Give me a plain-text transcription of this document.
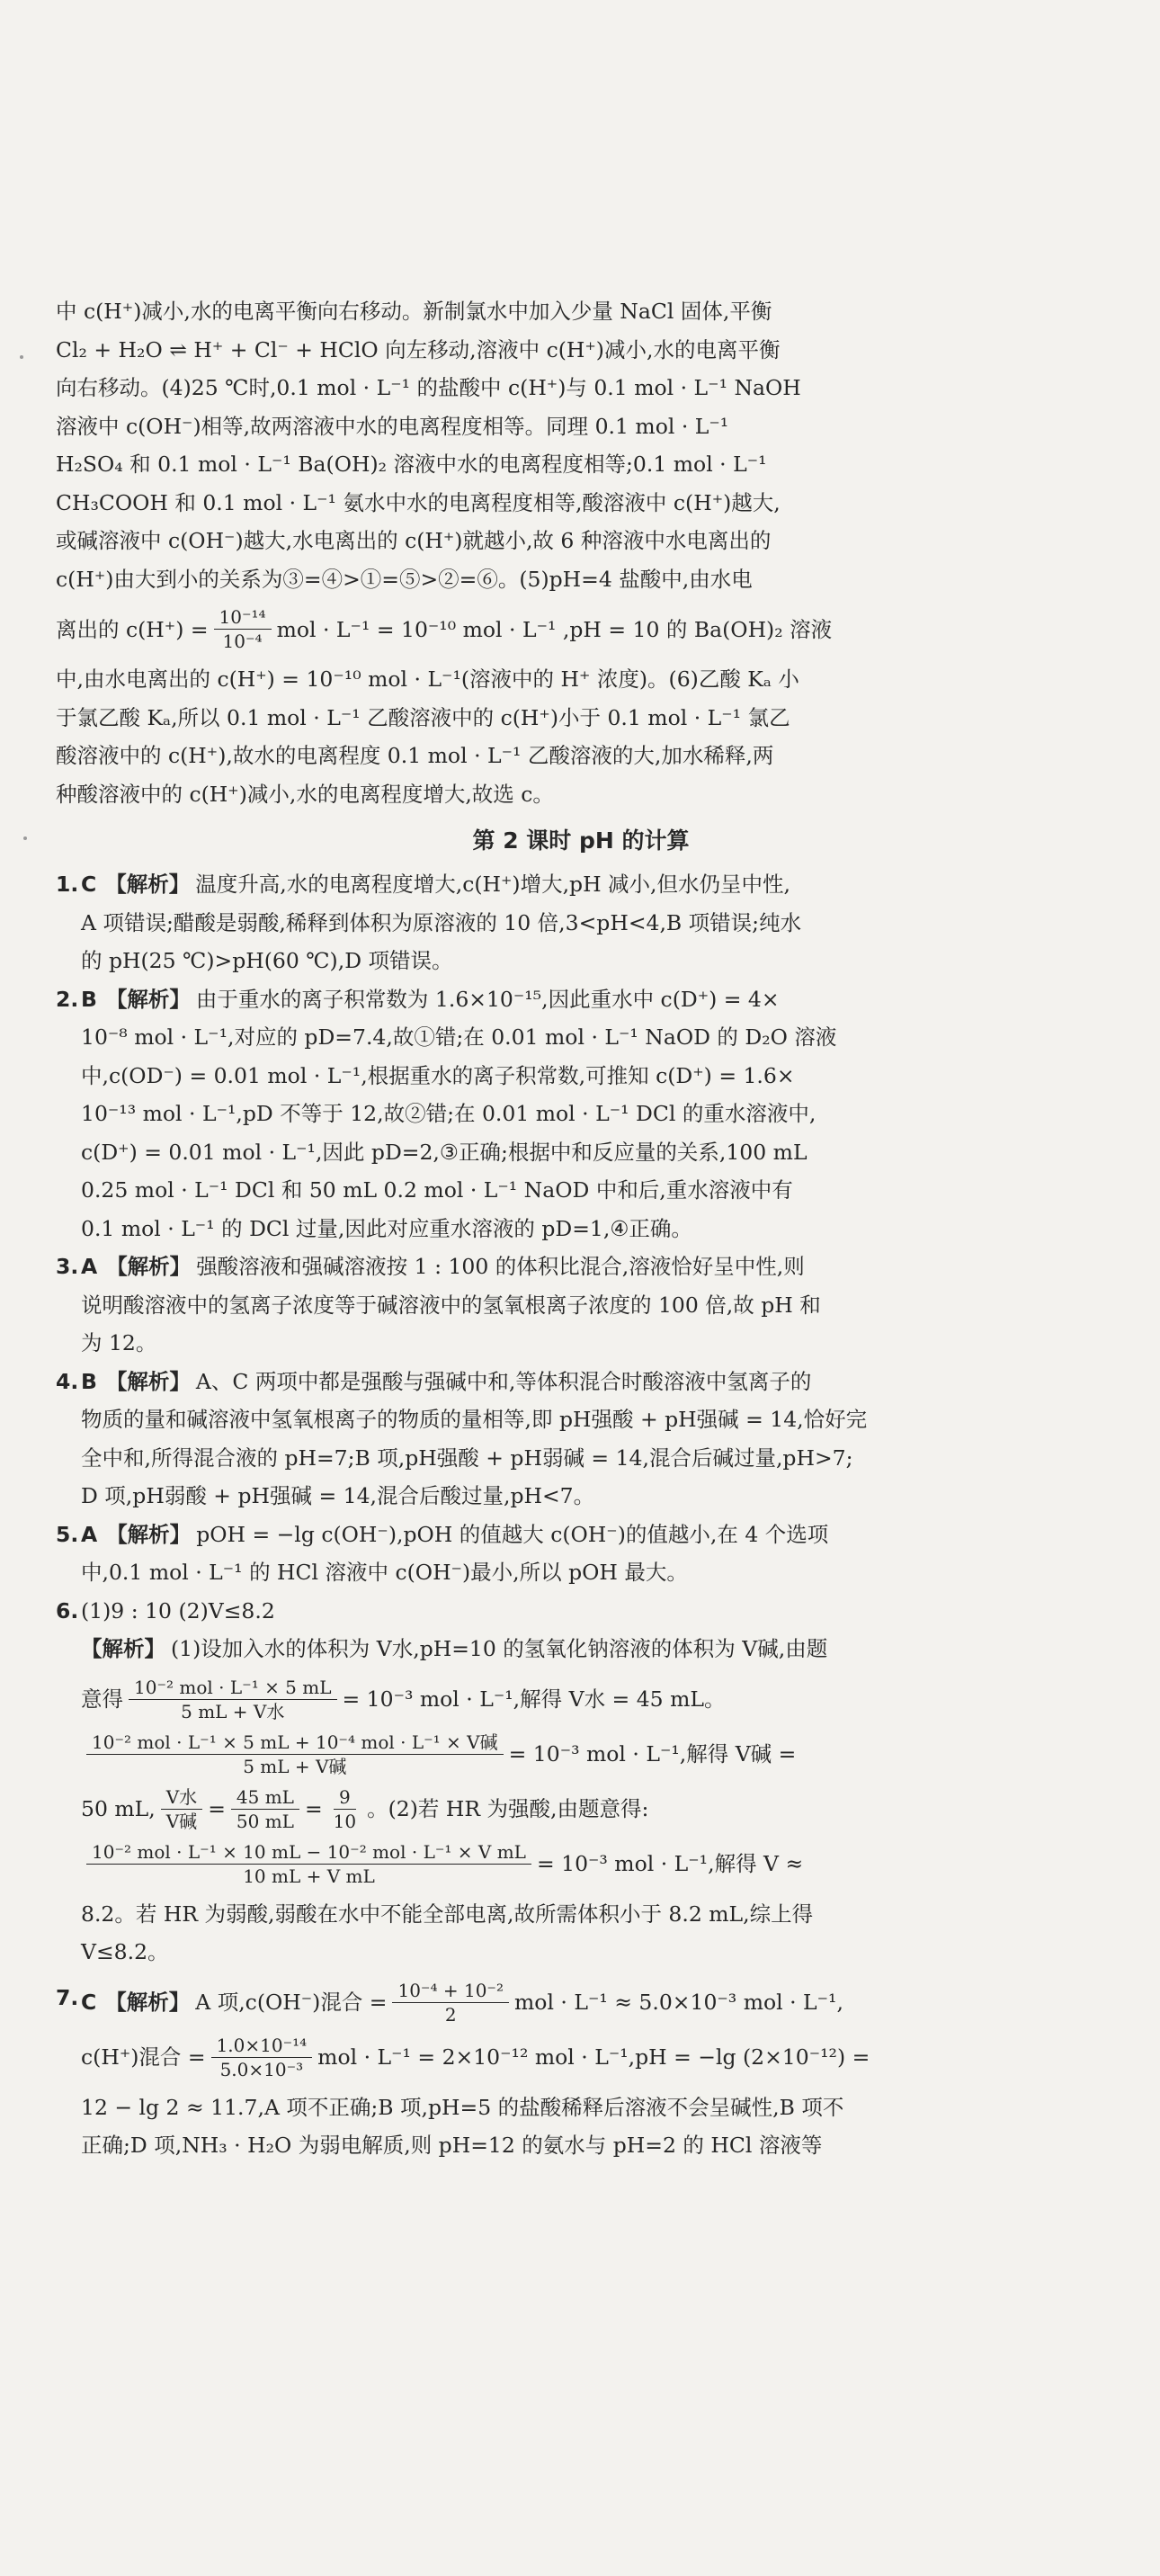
中 c(H⁺)减小,水的电离平衡向右移动。新制氯水中加入少量 NaCl 固体,平衡
Cl₂ + H₂O ⇌ H⁺ + Cl⁻ + HClO 向左移动,溶液中 c(H⁺)减小,水的电离平衡
向右移动。(4)25 ℃时,0.1 mol · L⁻¹ 的盐酸中 c(H⁺)与 0.1 mol · L⁻¹ NaOH
溶液中 c(OH⁻)相等,故两溶液中水的电离程度相等。同理 0.1 mol · L⁻¹
H₂SO₄ 和 0.1 mol · L⁻¹ Ba(OH)₂ 溶液中水的电离程度相等;0.1 mol · L⁻¹
CH₃COOH 和 0.1 mol · L⁻¹ 氨水中水的电离程度相等,酸溶液中 c(H⁺)越大,
或碱溶液中 c(OH⁻)越大,水电离出的 c(H⁺)就越小,故 6 种溶液中水电离出的
c(H⁺)由大到小的关系为③=④>①=⑤>②=⑥。(5)pH=4 盐酸中,由水电
离出的 $c(H^+) = \frac{\text{10⁻¹⁴}}{\text{10⁻⁴}}$ mol · L⁻¹ = 10⁻¹⁰ mol · L⁻¹ ,pH = 10 的 Ba(OH)₂ 溶液
中,由水电离出的 c(H⁺) = 10⁻¹⁰ mol · L⁻¹(溶液中的 H⁺ 浓度)。(6)乙酸 Kₐ 小
于氯乙酸 Kₐ,所以 0.1 mol · L⁻¹ 乙酸溶液中的 c(H⁺)小于 0.1 mol · L⁻¹ 氯乙
酸溶液中的 c(H⁺),故水的电离程度 0.1 mol · L⁻¹ 乙酸溶液的大,加水稀释,两
种酸溶液中的 c(H⁺)减小,水的电离程度增大,故选 c。
第 2 课时 pH 的计算
1. C 【解析】 温度升高,水的电离程度增大,c(H⁺)增大,pH 减小,但水仍呈中性,
A 项错误;醋酸是弱酸,稀释到体积为原溶液的 10 倍,3<pH<4,B 项错误;纯水
的 pH(25 ℃)>pH(60 ℃),D 项错误。
2. B 【解析】 由于重水的离子积常数为 1.6×10⁻¹⁵,因此重水中 c(D⁺) = 4×
10⁻⁸ mol · L⁻¹,对应的 pD=7.4,故①错;在 0.01 mol · L⁻¹ NaOD 的 D₂O 溶液
中,c(OD⁻) = 0.01 mol · L⁻¹,根据重水的离子积常数,可推知 c(D⁺) = 1.6×
10⁻¹³ mol · L⁻¹,pD 不等于 12,故②错;在 0.01 mol · L⁻¹ DCl 的重水溶液中,
c(D⁺) = 0.01 mol · L⁻¹,因此 pD=2,③正确;根据中和反应量的关系,100 mL
0.25 mol · L⁻¹ DCl 和 50 mL 0.2 mol · L⁻¹ NaOD 中和后,重水溶液中有
0.1 mol · L⁻¹ 的 DCl 过量,因此对应重水溶液的 pD=1,④正确。
3. A 【解析】 强酸溶液和强碱溶液按 1 : 100 的体积比混合,溶液恰好呈中性,则
说明酸溶液中的氢离子浓度等于碱溶液中的氢氧根离子浓度的 100 倍,故 pH 和
为 12。
4. B 【解析】 A、C 两项中都是强酸与强碱中和,等体积混合时酸溶液中氢离子的
物质的量和碱溶液中氢氧根离子的物质的量相等,即 pH强酸 + pH强碱 = 14,恰好完
全中和,所得混合液的 pH=7;B 项,pH强酸 + pH弱碱 = 14,混合后碱过量,pH>7;
D 项,pH弱酸 + pH强碱 = 14,混合后酸过量,pH<7。
5. A 【解析】 pOH = −lg c(OH⁻),pOH 的值越大 c(OH⁻)的值越小,在 4 个选项
中,0.1 mol · L⁻¹ 的 HCl 溶液中 c(OH⁻)最小,所以 pOH 最大。
6. (1)9 : 10 (2)V≤8.2
【解析】 (1)设加入水的体积为 V水,pH=10 的氢氧化钠溶液的体积为 V碱,由题
意得 $\frac{\text{10⁻² mol · L⁻¹ × 5 mL}}{\text{5 mL + V水}} = 10^{-3}$ mol · L⁻¹,解得 V水 = 45 mL。
$\frac{\text{10⁻² mol · L⁻¹ × 5 mL + 10⁻⁴ mol · L⁻¹ × V碱}}{\text{5 mL + V碱}} = 10^{-3}$ mol · L⁻¹,解得 V碱 =
50 mL, $\frac{\text{V水}}{\text{V碱}} = \frac{45 mL}{50 mL} = \frac{9}{10}$ 。(2)若 HR 为强酸,由题意得:
$\frac{\text{10⁻² mol · L⁻¹ × 10 mL − 10⁻² mol · L⁻¹ × V mL}}{\text{10 mL + V mL}} = 10^{-3}$ mol · L⁻¹,解得 V ≈
8.2。若 HR 为弱酸,弱酸在水中不能全部电离,故所需体积小于 8.2 mL,综上得
V≤8.2。
7. C 【解析】 A 项,c(OH⁻)混合 = $\frac{\text{10⁻⁴ + 10⁻²}}{2}$ mol · L⁻¹ ≈ 5.0×10⁻³ mol · L⁻¹,
c(H⁺)混合 = $\frac{\text{1.0×10⁻¹⁴}}{\text{5.0×10⁻³}}$ mol · L⁻¹ = 2×10⁻¹² mol · L⁻¹,pH = −lg (2×10⁻¹²) =
12 − lg 2 ≈ 11.7,A 项不正确;B 项,pH=5 的盐酸稀释后溶液不会呈碱性,B 项不
正确;D 项,NH₃ · H₂O 为弱电解质,则 pH=12 的氨水与 pH=2 的 HCl 溶液等
